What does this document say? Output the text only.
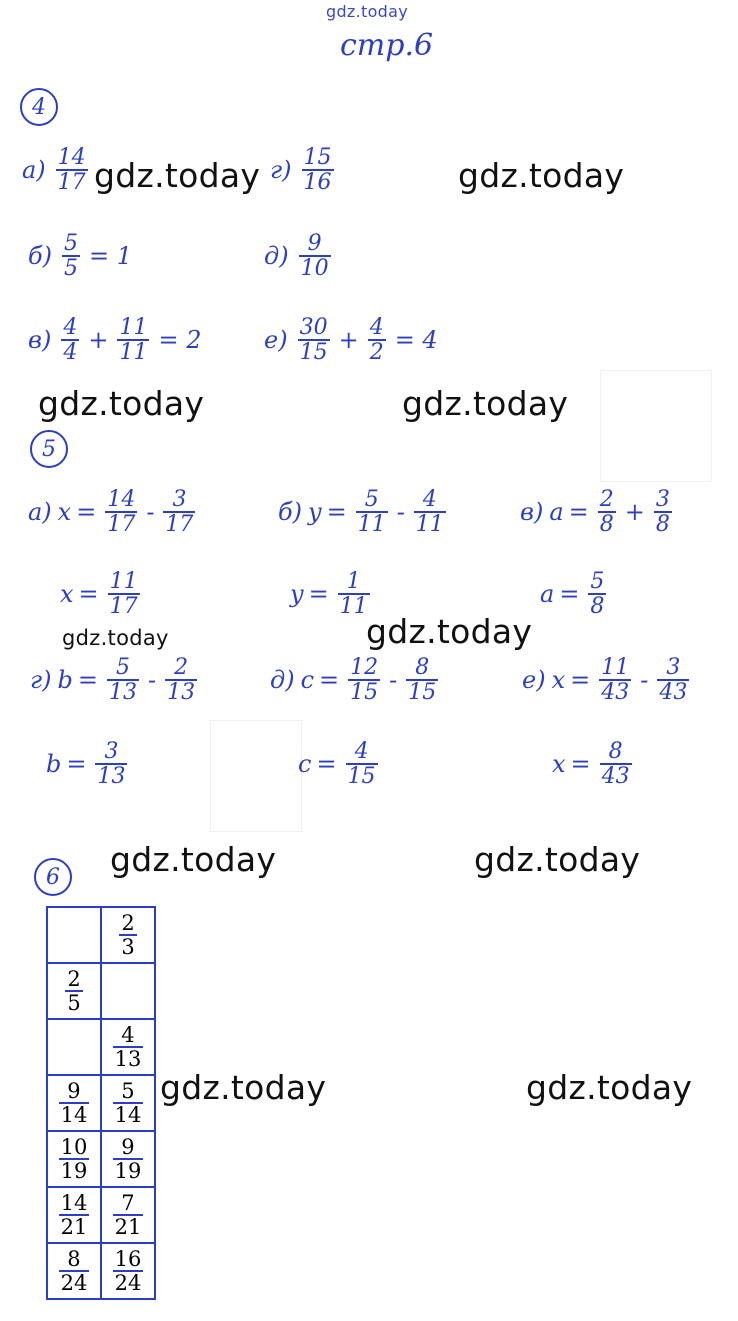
gdz.today
стр.6
4
$а) \frac{14}{17}$	$г) \frac{15}{16}$
$б) \frac{5}{5} = 1$	$д) \frac{9}{10}$
$в) \frac{4}{4} + \frac{11}{11} = 2$	$е) \frac{30}{15} + \frac{4}{2} = 4$
5
а) $x = \frac{14}{17} - \frac{3}{17}$	б) $y = \frac{5}{11} - \frac{4}{11}$	в) $a = \frac{2}{8} + \frac{3}{8}$
$x = \frac{11}{17}$	$y = \frac{1}{11}$	$a = \frac{5}{8}$
г) $b = \frac{5}{13} - \frac{2}{13}$	д) $c = \frac{12}{15} - \frac{8}{15}$	е) $x = \frac{11}{43} - \frac{3}{43}$
$b = \frac{3}{13}$	$c = \frac{4}{15}$	$x = \frac{8}{43}$
6

	$\frac{2}{3}$

$\frac{2}{5}$

	$\frac{4}{13}$

$\frac{9}{14}$	$\frac{5}{14}$

$\frac{10}{19}$	$\frac{9}{19}$

$\frac{14}{21}$	$\frac{7}{21}$

$\frac{8}{24}$	$\frac{16}{24}$
gdz.today	gdz.today
gdz.today	gdz.today
gdz.today	gdz.today
gdz.today	gdz.today
gdz.today	gdz.today
